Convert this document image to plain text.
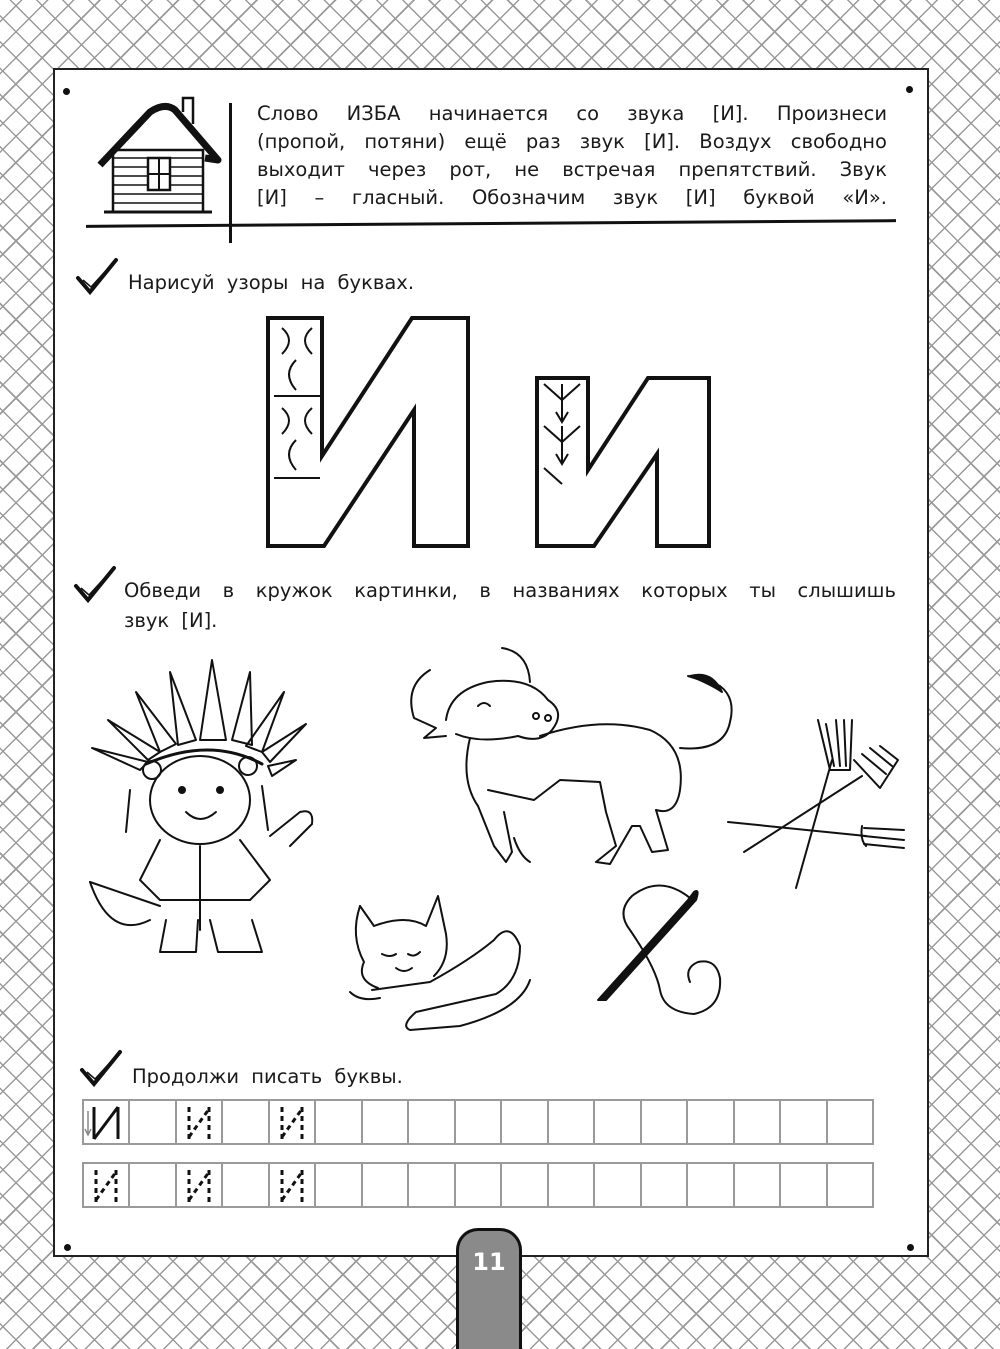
Слово ИЗБА начинается со звука [И]. Произнеси
(пропой, потяни) ещё раз звук [И]. Воздух свободно
выходит через рот, не встречая препятствий. Звук
[И] – гласный. Обозначим звук [И] буквой «И».
Нарисуй узоры на буквах.
Обведи в кружок картинки, в названиях которых ты слышишь
звук [И].
Продолжи писать буквы.
11
